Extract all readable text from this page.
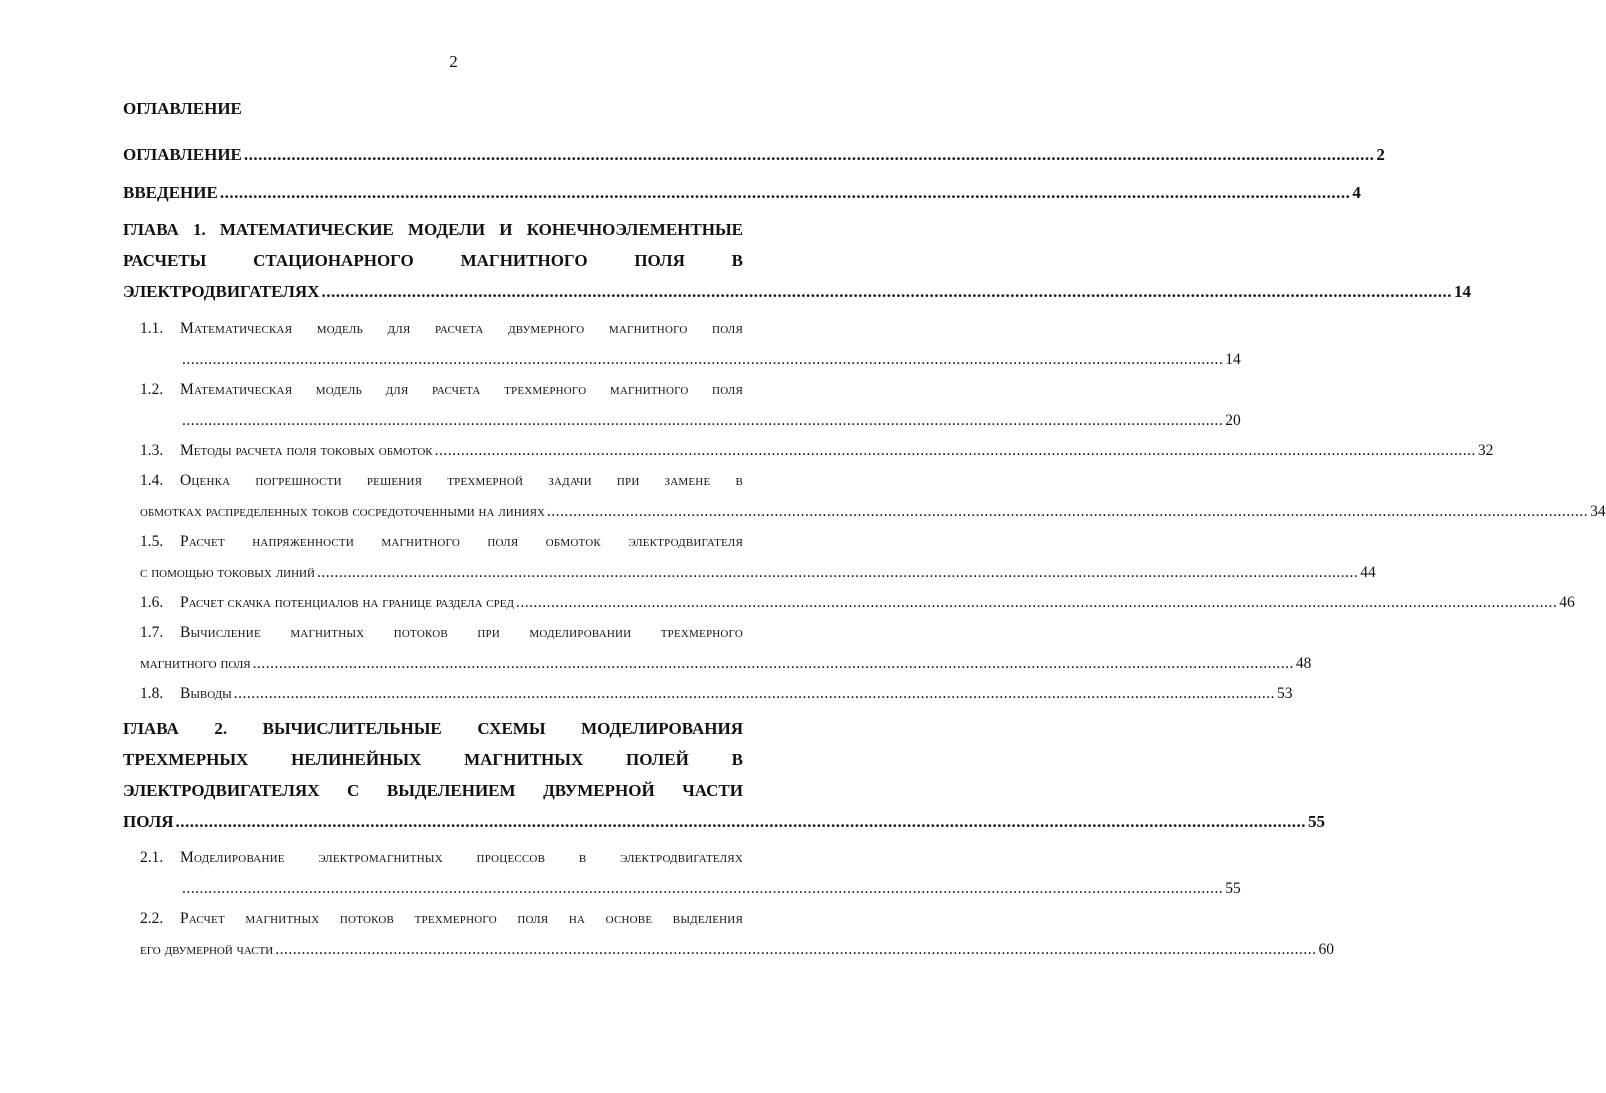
2
ОГЛАВЛЕНИЕ
ОГЛАВЛЕНИЕ .............................................................................................................................................................................................................................................. 2
ВВЕДЕНИЕ .............................................................................................................................................................................................................................................. 4
ГЛАВА 1. МАТЕМАТИЧЕСКИЕ МОДЕЛИ И КОНЕЧНОЭЛЕМЕНТНЫЕ
РАСЧЕТЫ СТАЦИОНАРНОГО МАГНИТНОГО ПОЛЯ В
ЭЛЕКТРОДВИГАТЕЛЯХ .............................................................................................................................................................................................................................................. 14
1.1.	Математическая модель для расчета двумерного магнитного поля
.............................................................................................................................................................................................................................................. 14
1.2.	Математическая модель для расчета трехмерного магнитного поля
.............................................................................................................................................................................................................................................. 20
1.3.	Методы расчета поля токовых обмоток .............................................................................................................................................................................................................................................. 32
1.4.	Оценка погрешности решения трехмерной задачи при замене в
обмотках распределенных токов сосредоточенными на линиях .............................................................................................................................................................................................................................................. 34
1.5.	Расчет напряженности магнитного поля обмоток электродвигателя
с помощью токовых линий .............................................................................................................................................................................................................................................. 44
1.6.	Расчет скачка потенциалов на границе раздела сред .............................................................................................................................................................................................................................................. 46
1.7.	Вычисление магнитных потоков при моделировании трехмерного
магнитного поля .............................................................................................................................................................................................................................................. 48
1.8.	Выводы .............................................................................................................................................................................................................................................. 53
ГЛАВА 2. ВЫЧИСЛИТЕЛЬНЫЕ СХЕМЫ МОДЕЛИРОВАНИЯ
ТРЕХМЕРНЫХ НЕЛИНЕЙНЫХ МАГНИТНЫХ ПОЛЕЙ В
ЭЛЕКТРОДВИГАТЕЛЯХ С ВЫДЕЛЕНИЕМ ДВУМЕРНОЙ ЧАСТИ
ПОЛЯ .............................................................................................................................................................................................................................................. 55
2.1.	Моделирование электромагнитных процессов в электродвигателях
.............................................................................................................................................................................................................................................. 55
2.2.	Расчет магнитных потоков трехмерного поля на основе выделения
его двумерной части .............................................................................................................................................................................................................................................. 60
